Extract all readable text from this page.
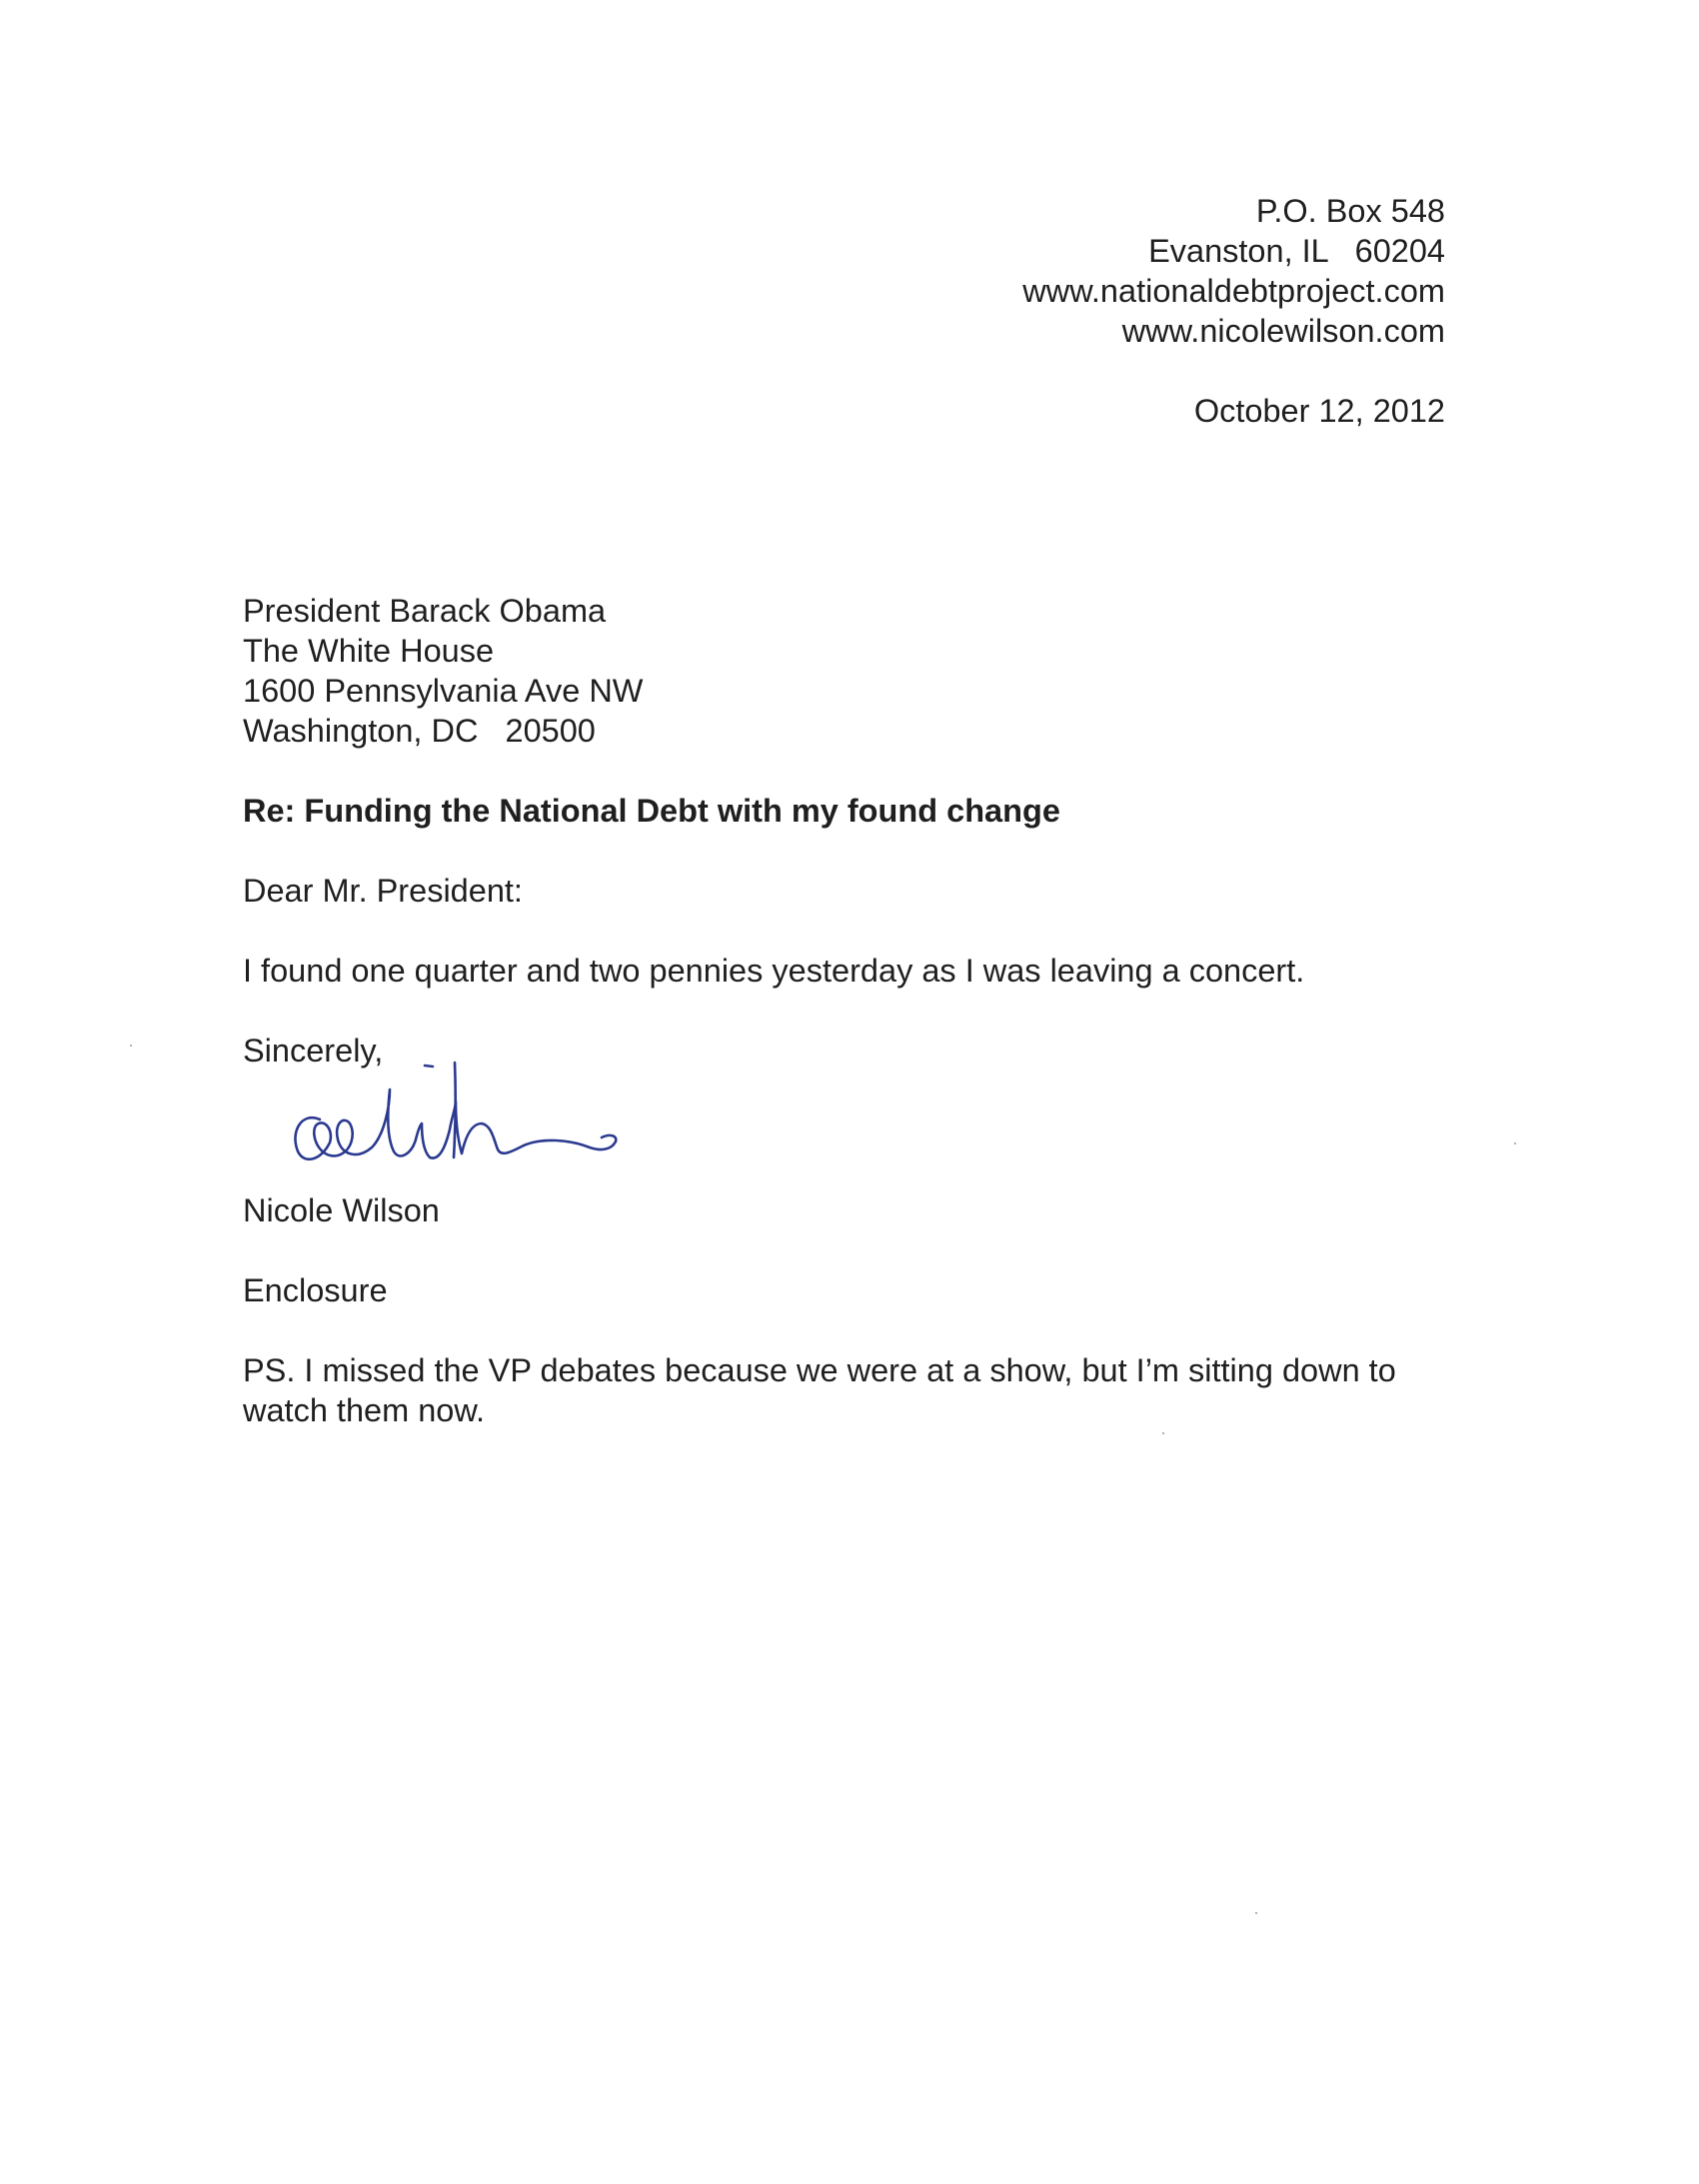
P.O. Box 548
Evanston, IL   60204
www.nationaldebtproject.com
www.nicolewilson.com
October 12, 2012
President Barack Obama
The White House
1600 Pennsylvania Ave NW
Washington, DC   20500
Re: Funding the National Debt with my found change
Dear Mr. President:
I found one quarter and two pennies yesterday as I was leaving a concert.
Sincerely,
Nicole Wilson
Enclosure
PS. I missed the VP debates because we were at a show, but I’m sitting down to watch them now.
